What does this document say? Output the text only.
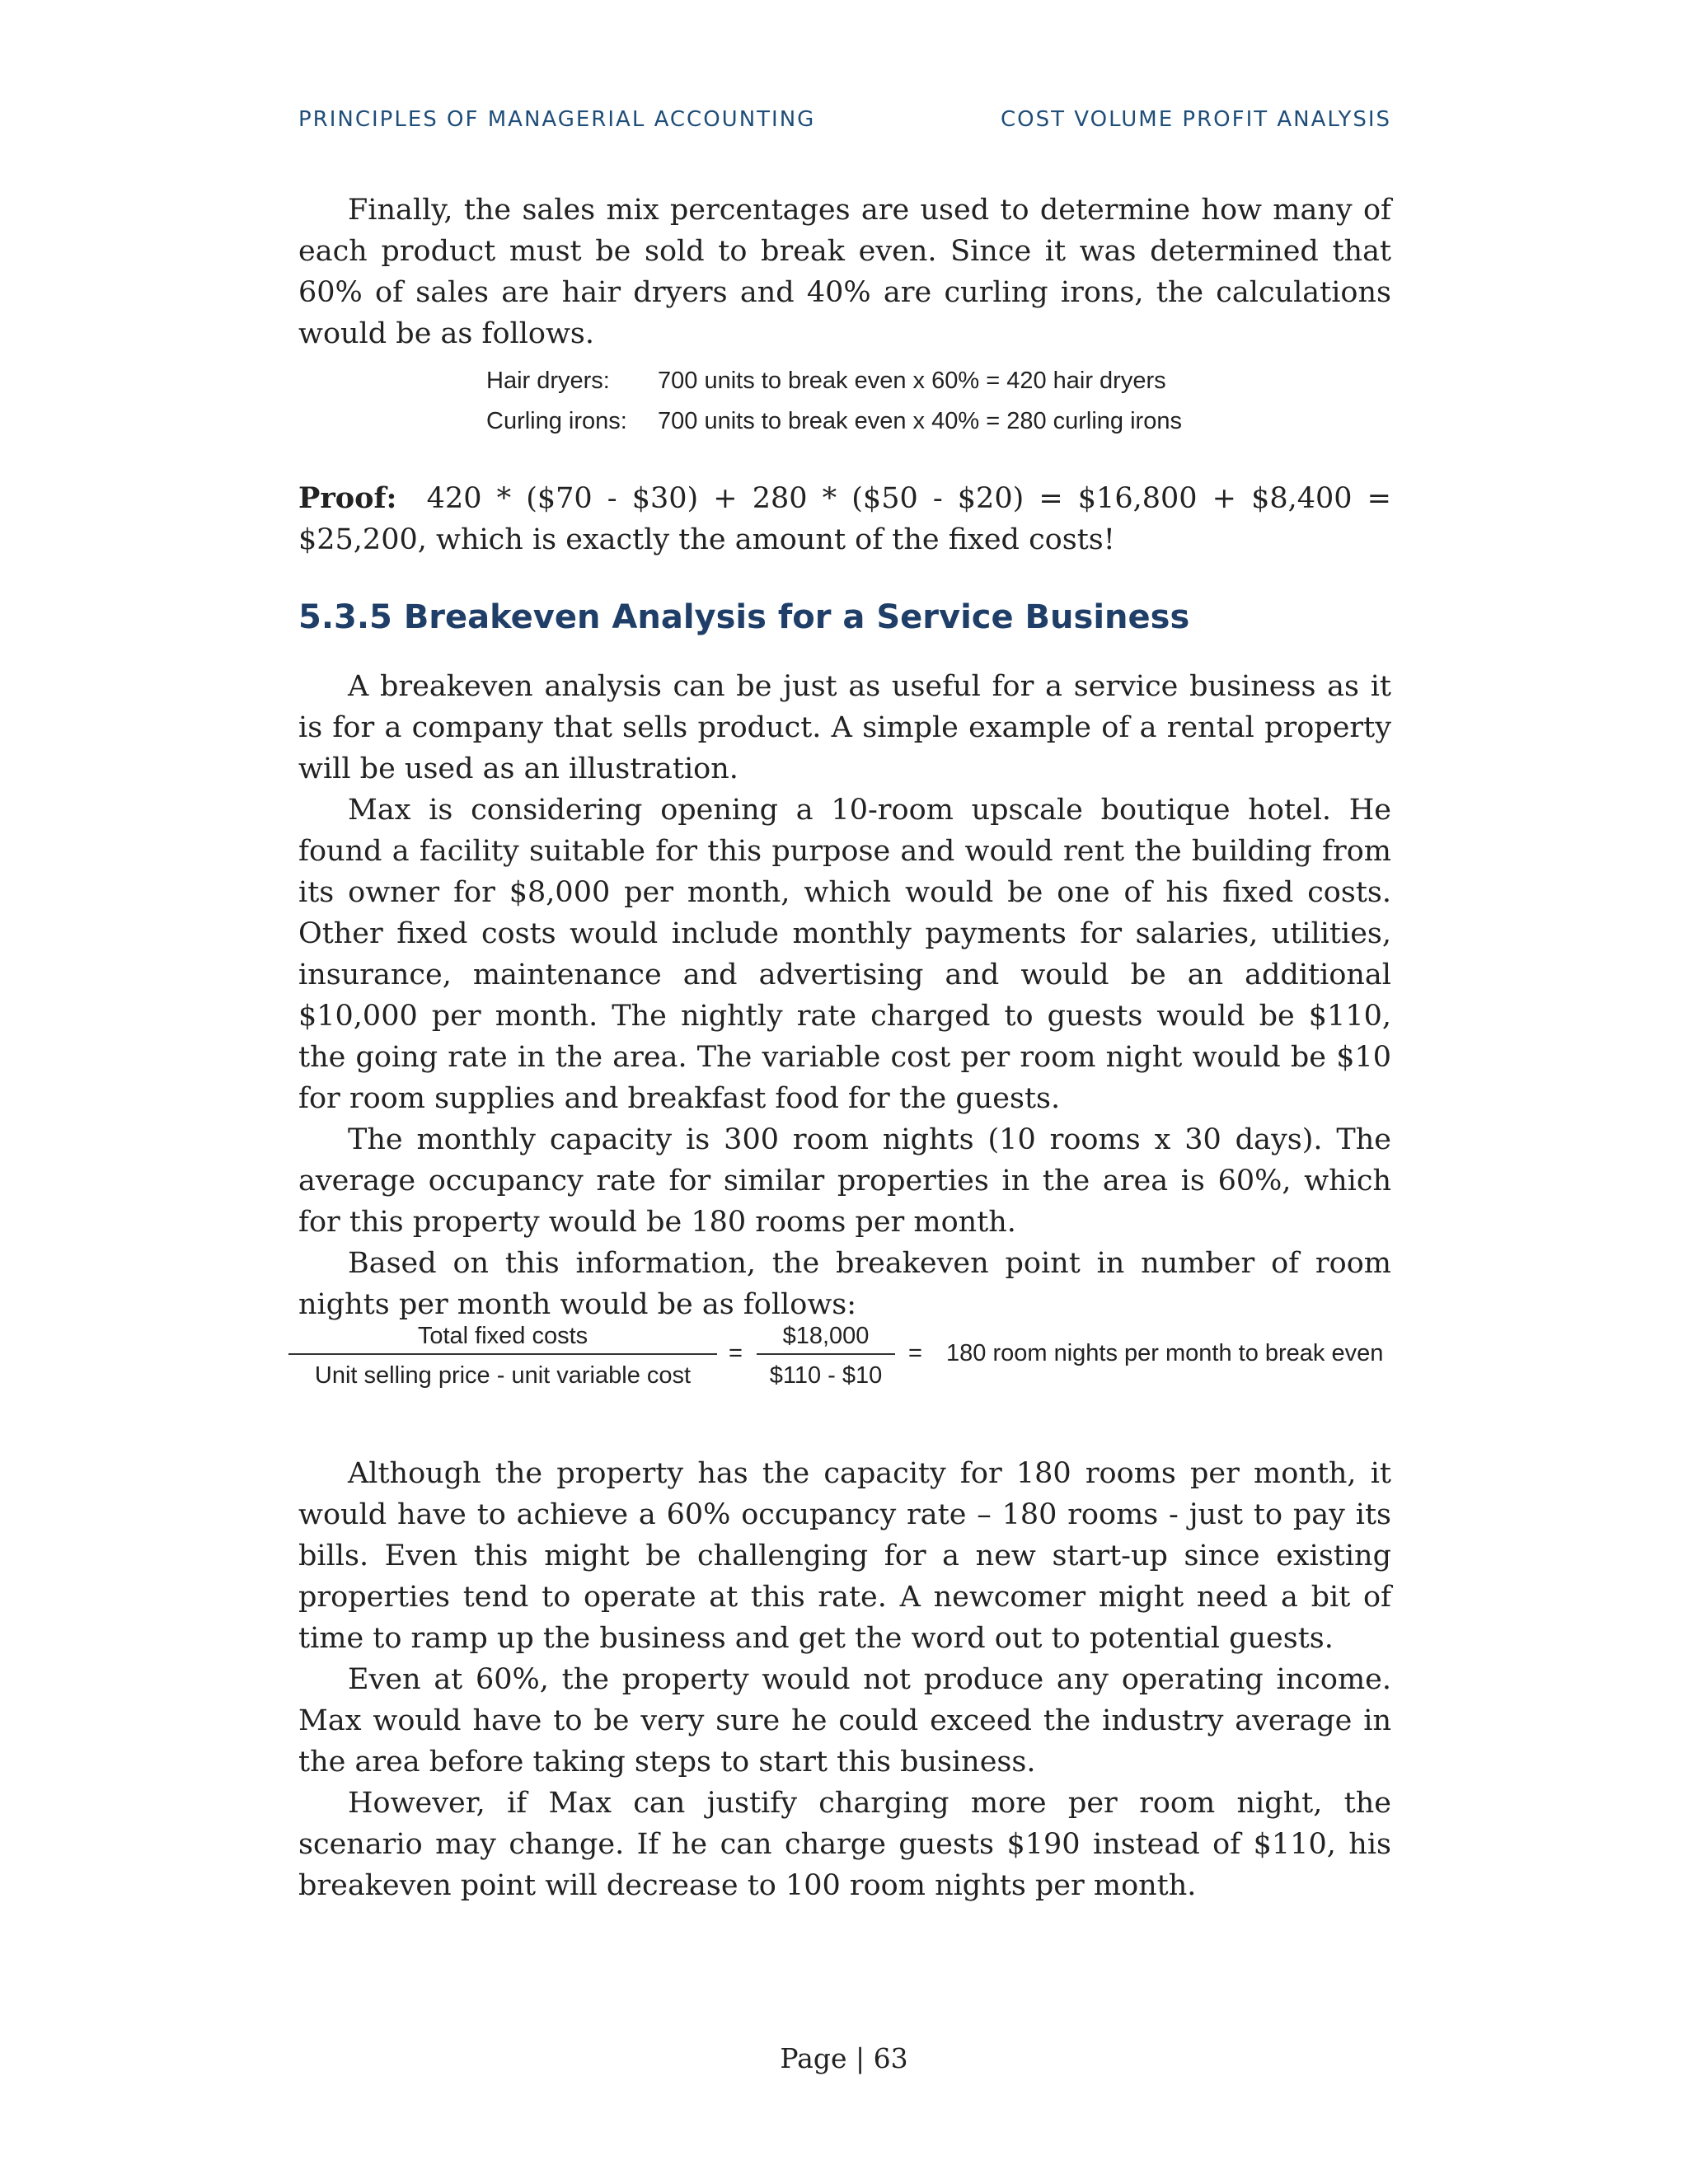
PRINCIPLES OF MANAGERIAL ACCOUNTING	COST VOLUME PROFIT ANALYSIS

Finally, the sales mix percentages are used to determine how many of each product must be sold to break even. Since it was determined that 60% of sales are hair dryers and 40% are curling irons, the calculations would be as follows.

Hair dryers:	700 units to break even x 60% = 420 hair dryers
Curling irons:	700 units to break even x 40% = 280 curling irons
Proof: 420 * ($70 - $30) + 280 * ($50 - $20) = $16,800 + $8,400 = $25,200, which is exactly the amount of the fixed costs!
5.3.5 Breakeven Analysis for a Service Business

A breakeven analysis can be just as useful for a service business as it is for a company that sells product. A simple example of a rental property will be used as an illustration.

Max is considering opening a 10-room upscale boutique hotel. He found a facility suitable for this purpose and would rent the building from its owner for $8,000 per month, which would be one of his fixed costs. Other fixed costs would include monthly payments for salaries, utilities, insurance, maintenance and advertising and would be an additional $10,000 per month. The nightly rate charged to guests would be $110, the going rate in the area. The variable cost per room night would be $10 for room supplies and breakfast food for the guests.

The monthly capacity is 300 room nights (10 rooms x 30 days). The average occupancy rate for similar properties in the area is 60%, which for this property would be 180 rooms per month.

Based on this information, the breakeven point in number of room nights per month would be as follows:

Total fixed costs
Unit selling price - unit variable cost
=
$18,000
$110 - $10
= 180 room nights per month to break even

Although the property has the capacity for 180 rooms per month, it would have to achieve a 60% occupancy rate – 180 rooms - just to pay its bills. Even this might be challenging for a new start-up since existing properties tend to operate at this rate. A newcomer might need a bit of time to ramp up the business and get the word out to potential guests.

Even at 60%, the property would not produce any operating income. Max would have to be very sure he could exceed the industry average in the area before taking steps to start this business.

However, if Max can justify charging more per room night, the scenario may change. If he can charge guests $190 instead of $110, his breakeven point will decrease to 100 room nights per month.

Page | 63
